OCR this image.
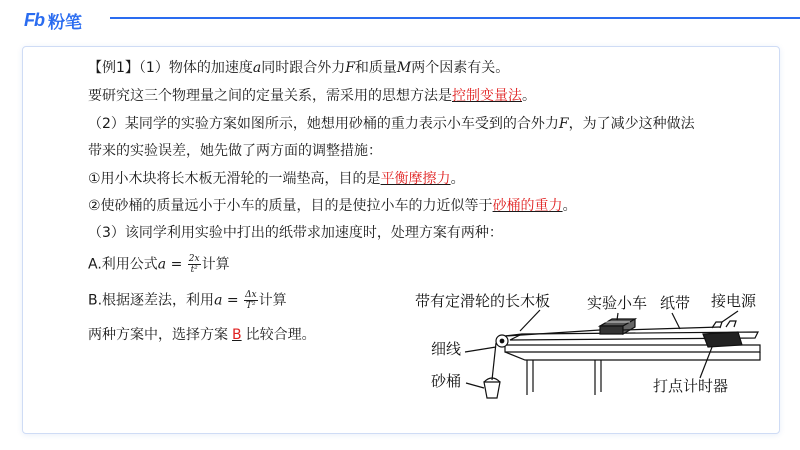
Fb 粉笔
【例1】（1）物体的加速度a同时跟合外力F和质量M两个因素有关。
要研究这三个物理量之间的定量关系，需采用的思想方法是控制变量法。
（2）某同学的实验方案如图所示，她想用砂桶的重力表示小车受到的合外力F，为了减少这种做法
带来的实验误差，她先做了两方面的调整措施：
①用小木块将长木板无滑轮的一端垫高，目的是平衡摩擦力。
②使砂桶的质量远小于小车的质量，目的是使拉小车的力近似等于砂桶的重力。
（3）该同学利用实验中打出的纸带求加速度时，处理方案有两种：
A.利用公式$a = \frac{2x}{\text{t²}}$ 计算
B.根据逐差法，利用$a = \frac{\Delta x}{\text{T²}}$ 计算
两种方案中，选择方案 B 比较合理。
带有定滑轮的长木板 实验小车 纸带 接电源
细线
砂桶	打点计时器
